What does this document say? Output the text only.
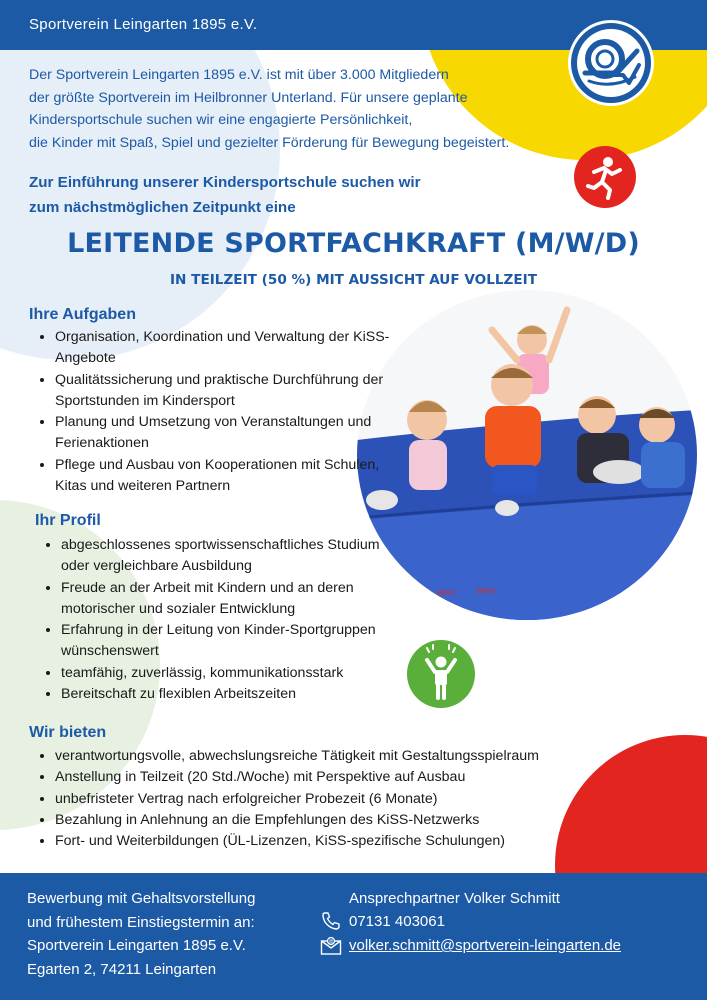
Sportverein Leingarten 1895 e.V.
Der Sportverein Leingarten 1895 e.V. ist mit über 3.000 Mitgliedern
der größte Sportverein im Heilbronner Unterland. Für unsere geplante
Kindersportschule suchen wir eine engagierte Persönlichkeit,
die Kinder mit Spaß, Spiel und gezielter Förderung für Bewegung begeistert.
Zur Einführung unserer Kindersportschule suchen wir
zum nächstmöglichen Zeitpunkt eine
LEITENDE SPORTFACHKRAFT (M/W/D)
IN TEILZEIT (50 %) MIT AUSSICHT AUF VOLLZEIT
BENZ	BENZ
Ihre Aufgaben
• Organisation, Koordination und Verwaltung der KiSS-Angebote
• Qualitätssicherung und praktische Durchführung der Sportstunden im Kindersport
• Planung und Umsetzung von Veranstaltungen und Ferienaktionen
• Pflege und Ausbau von Kooperationen mit Schulen, Kitas und weiteren Partnern
Ihr Profil
• abgeschlossenes sportwissenschaftliches Studium oder vergleichbare Ausbildung
• Freude an der Arbeit mit Kindern und an deren motorischer und sozialer Entwicklung
• Erfahrung in der Leitung von Kinder-Sportgruppen wünschenswert
• teamfähig, zuverlässig, kommunikationsstark
• Bereitschaft zu flexiblen Arbeitszeiten
Wir bieten
• verantwortungsvolle, abwechslungsreiche Tätigkeit mit Gestaltungsspielraum
• Anstellung in Teilzeit (20 Std./Woche) mit Perspektive auf Ausbau
• unbefristeter Vertrag nach erfolgreicher Probezeit (6 Monate)
• Bezahlung in Anlehnung an die Empfehlungen des KiSS-Netzwerks
• Fort- und Weiterbildungen (ÜL-Lizenzen, KiSS-spezifische Schulungen)
Bewerbung mit Gehaltsvorstellung
und frühestem Einstiegstermin an:
Sportverein Leingarten 1895 e.V.
Egarten 2, 74211 Leingarten
Ansprechpartner Volker Schmitt
07131 403061
@ volker.schmitt@sportverein-leingarten.de
